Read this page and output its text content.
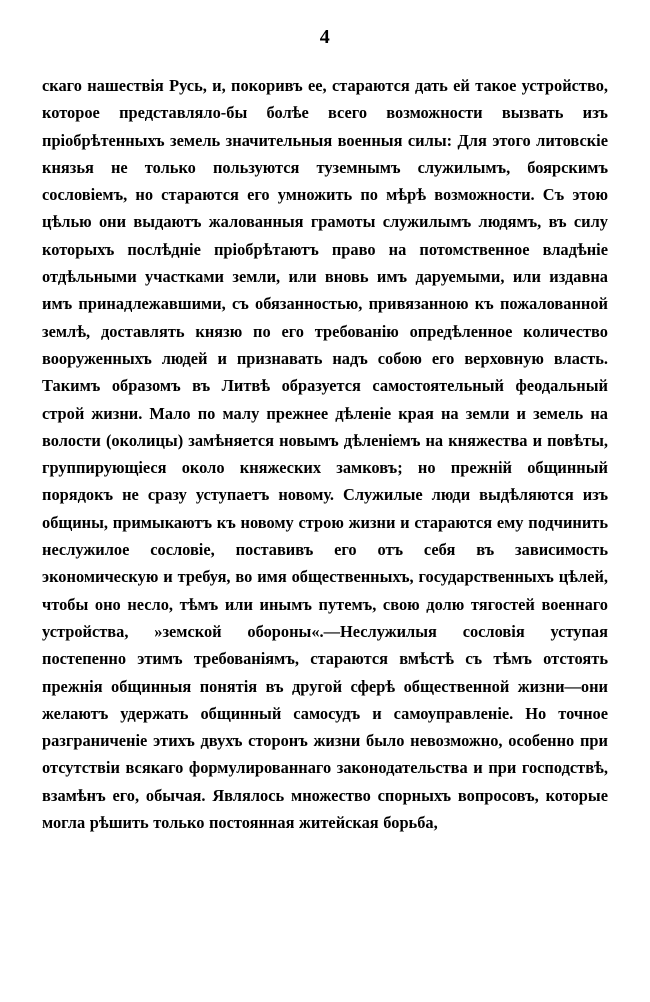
4

скаго нашествія Русь, и, покоривъ ее, стараются дать ей такое устройство, которое представляло-бы болѣе всего возможности вызвать изъ пріобрѣтенныхъ земель значительныя военныя силы: Для этого литовскіе князья не только пользуются туземнымъ служилымъ, боярскимъ сословіемъ, но стараются его умножить по мѣрѣ возможности. Съ этою цѣлью они выдаютъ жалованныя грамоты служилымъ людямъ, въ силу которыхъ послѣдніе пріобрѣтаютъ право на потомственное владѣніе отдѣльными участками земли, или вновь имъ даруемыми, или издавна имъ принадлежавшими, съ обязанностью, привязанною къ пожалованной землѣ, доставлять князю по его требованію опредѣленное количество вооруженныхъ людей и признавать надъ собою его верховную власть. Такимъ образомъ въ Литвѣ образуется самостоятельный феодальный строй жизни. Мало по малу прежнее дѣленіе края на земли и земель на волости (околицы) замѣняется новымъ дѣленіемъ на княжества и повѣты, группирующіеся около княжеских замковъ; но прежній общинный порядокъ не сразу уступаетъ новому. Служилые люди выдѣляются изъ общины, примыкаютъ къ новому строю жизни и стараются ему подчинить неслужилое сословіе, поставивъ его отъ себя въ зависимость экономическую и требуя, во имя общественныхъ, государственныхъ цѣлей, чтобы оно несло, тѣмъ или инымъ путемъ, свою долю тягостей военнаго устройства, »земской обороны«.—Неслужилыя сословія уступая постепенно этимъ требованіямъ, стараются вмѣстѣ съ тѣмъ отстоять прежнія общинныя понятія въ другой сферѣ общественной жизни—они желаютъ удержать общинный самосудъ и самоуправленіе. Но точное разграниченіе этихъ двухъ сторонъ жизни было невозможно, особенно при отсутствіи всякаго формулированнаго законодательства и при господствѣ, взамѣнъ его, обычая. Являлось множество спорныхъ вопросовъ, которые могла рѣшить только постоянная житейская борьба,
